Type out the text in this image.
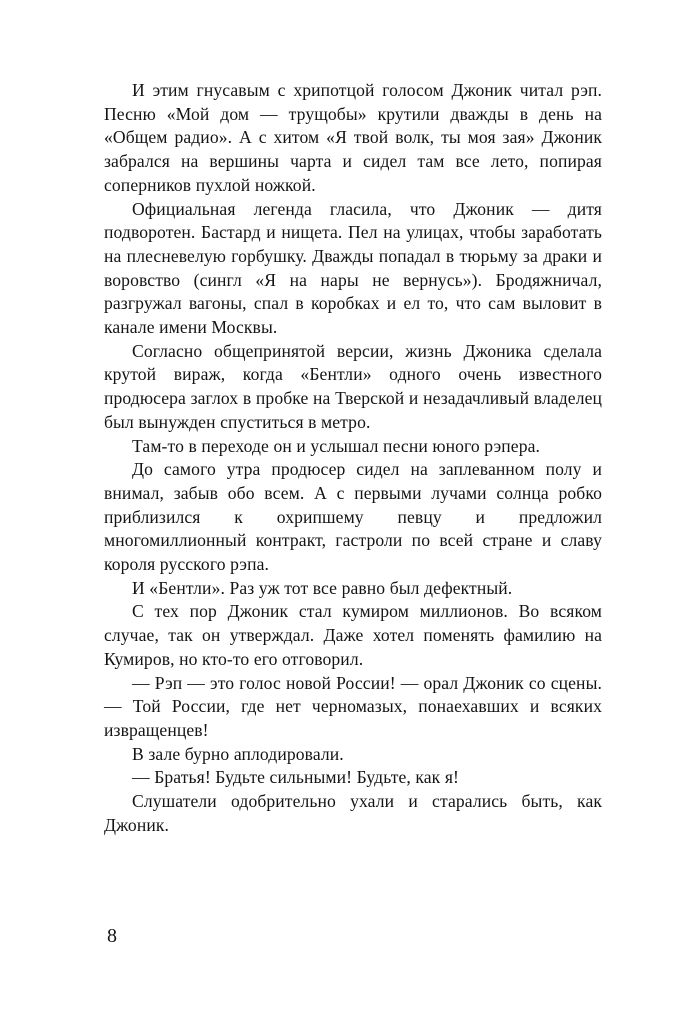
И этим гнусавым с хрипотцой голосом Джоник читал рэп. Песню «Мой дом — трущобы» крутили дважды в день на «Общем радио». А с хитом «Я твой волк, ты моя зая» Джоник забрался на вершины чарта и сидел там все лето, попирая соперников пухлой ножкой.

Официальная легенда гласила, что Джоник — дитя подворотен. Бастард и нищета. Пел на улицах, чтобы заработать на плесневелую горбушку. Дважды попадал в тюрьму за драки и воровство (сингл «Я на нары не вернусь»). Бродяжничал, разгружал вагоны, спал в коробках и ел то, что сам выловит в канале имени Москвы.

Согласно общепринятой версии, жизнь Джоника сделала крутой вираж, когда «Бентли» одного очень известного продюсера заглох в пробке на Тверской и незадачливый владелец был вынужден спуститься в метро.

Там-то в переходе он и услышал песни юного рэпера.

До самого утра продюсер сидел на заплеванном полу и внимал, забыв обо всем. А с первыми лучами солнца робко приблизился к охрипшему певцу и предложил многомиллионный контракт, гастроли по всей стране и славу короля русского рэпа.

И «Бентли». Раз уж тот все равно был дефектный.

С тех пор Джоник стал кумиром миллионов. Во всяком случае, так он утверждал. Даже хотел поменять фамилию на Кумиров, но кто-то его отговорил.

— Рэп — это голос новой России! — орал Джоник со сцены. — Той России, где нет черномазых, понаехавших и всяких извращенцев!

В зале бурно аплодировали.

— Братья! Будьте сильными! Будьте, как я!

Слушатели одобрительно ухали и старались быть, как Джоник.

8
